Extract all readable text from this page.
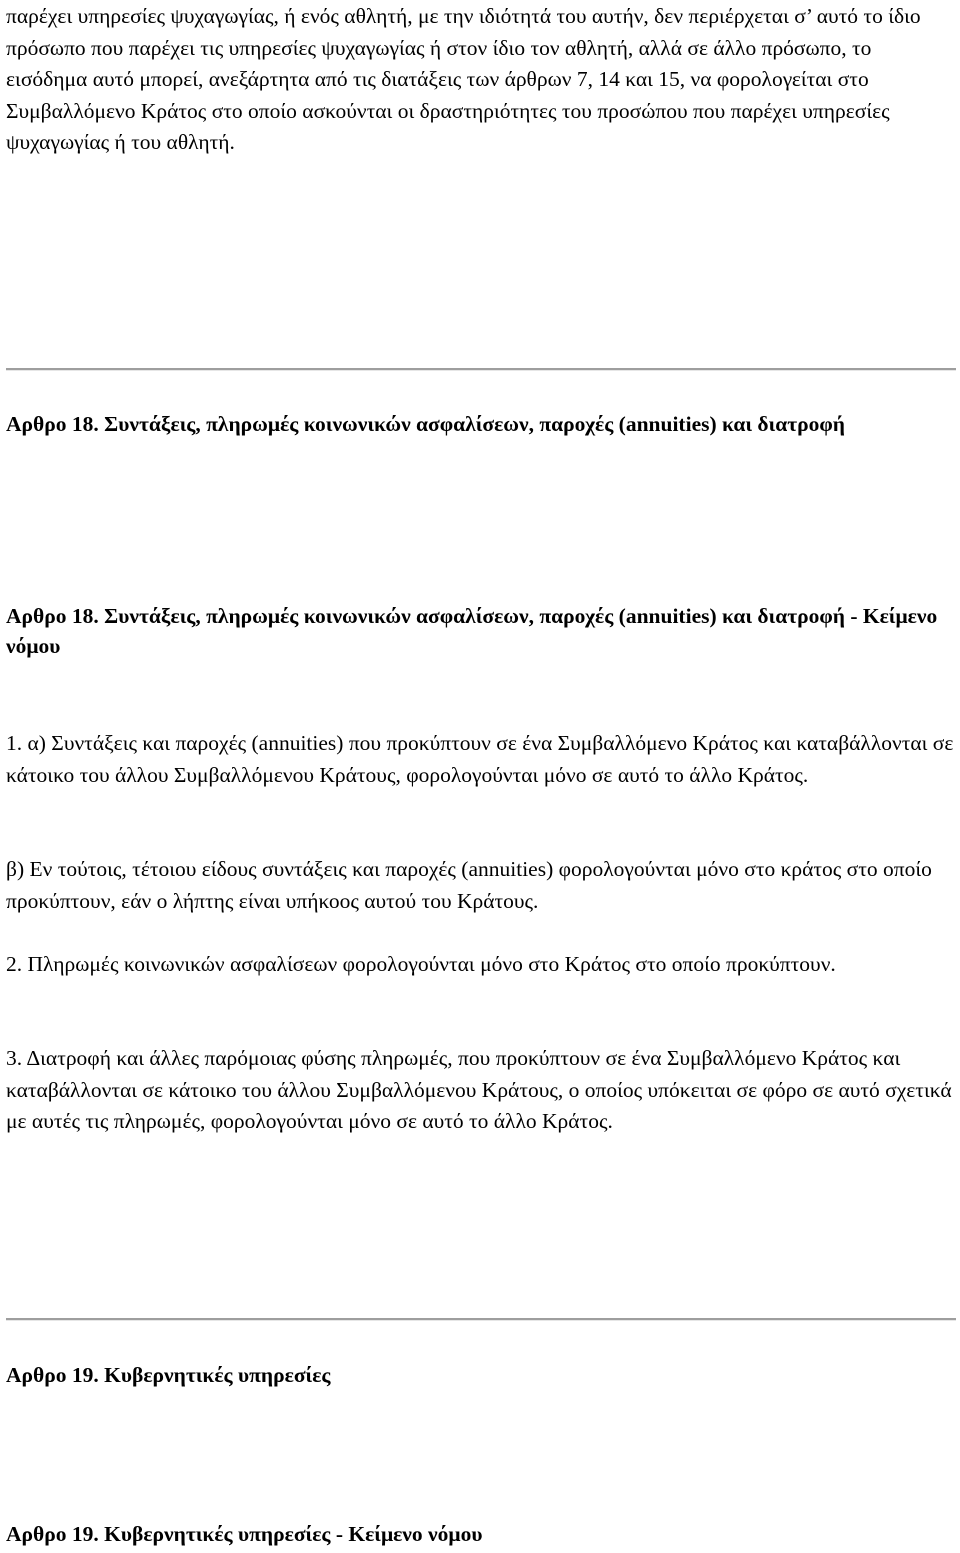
παρέχει υπηρεσίες ψυχαγωγίας, ή ενός αθλητή, με την ιδιότητά του αυτήν, δεν περιέρχεται σ’ αυτό το ίδιο πρόσωπο που παρέχει τις υπηρεσίες ψυχαγωγίας ή στον ίδιο τον αθλητή, αλλά σε άλλο πρόσωπο, το εισόδημα αυτό μπορεί, ανεξάρτητα από τις διατάξεις των άρθρων 7, 14 και 15, να φορολογείται στο Συμβαλλόμενο Κράτος στο οποίο ασκούνται οι δραστηριότητες του προσώπου που παρέχει υπηρεσίες ψυχαγωγίας ή του αθλητή.

Αρθρο 18. Συντάξεις, πληρωμές κοινωνικών ασφαλίσεων, παροχές (annuities) και διατροφή
Αρθρο 18. Συντάξεις, πληρωμές κοινωνικών ασφαλίσεων, παροχές (annuities) και διατροφή - Κείμενο νόμου

1. α) Συντάξεις και παροχές (annuities) που προκύπτουν σε ένα Συμβαλλόμενο Κράτος και καταβάλλονται σε κάτοικο του άλλου Συμβαλλόμενου Κράτους, φορολογούνται μόνο σε αυτό το άλλο Κράτος.

β) Εν τούτοις, τέτοιου είδους συντάξεις και παροχές (annuities) φορολογούνται μόνο στο κράτος στο οποίο προκύπτουν, εάν ο λήπτης είναι υπήκοος αυτού του Κράτους.

2. Πληρωμές κοινωνικών ασφαλίσεων φορολογούνται μόνο στο Κράτος στο οποίο προκύπτουν.

3. Διατροφή και άλλες παρόμοιας φύσης πληρωμές, που προκύπτουν σε ένα Συμβαλλόμενο Κράτος και καταβάλλονται σε κάτοικο του άλλου Συμβαλλόμενου Κράτους, ο οποίος υπόκειται σε φόρο σε αυτό σχετικά με αυτές τις πληρωμές, φορολογούνται μόνο σε αυτό το άλλο Κράτος.

Αρθρο 19. Κυβερνητικές υπηρεσίες
Αρθρο 19. Κυβερνητικές υπηρεσίες - Κείμενο νόμου
